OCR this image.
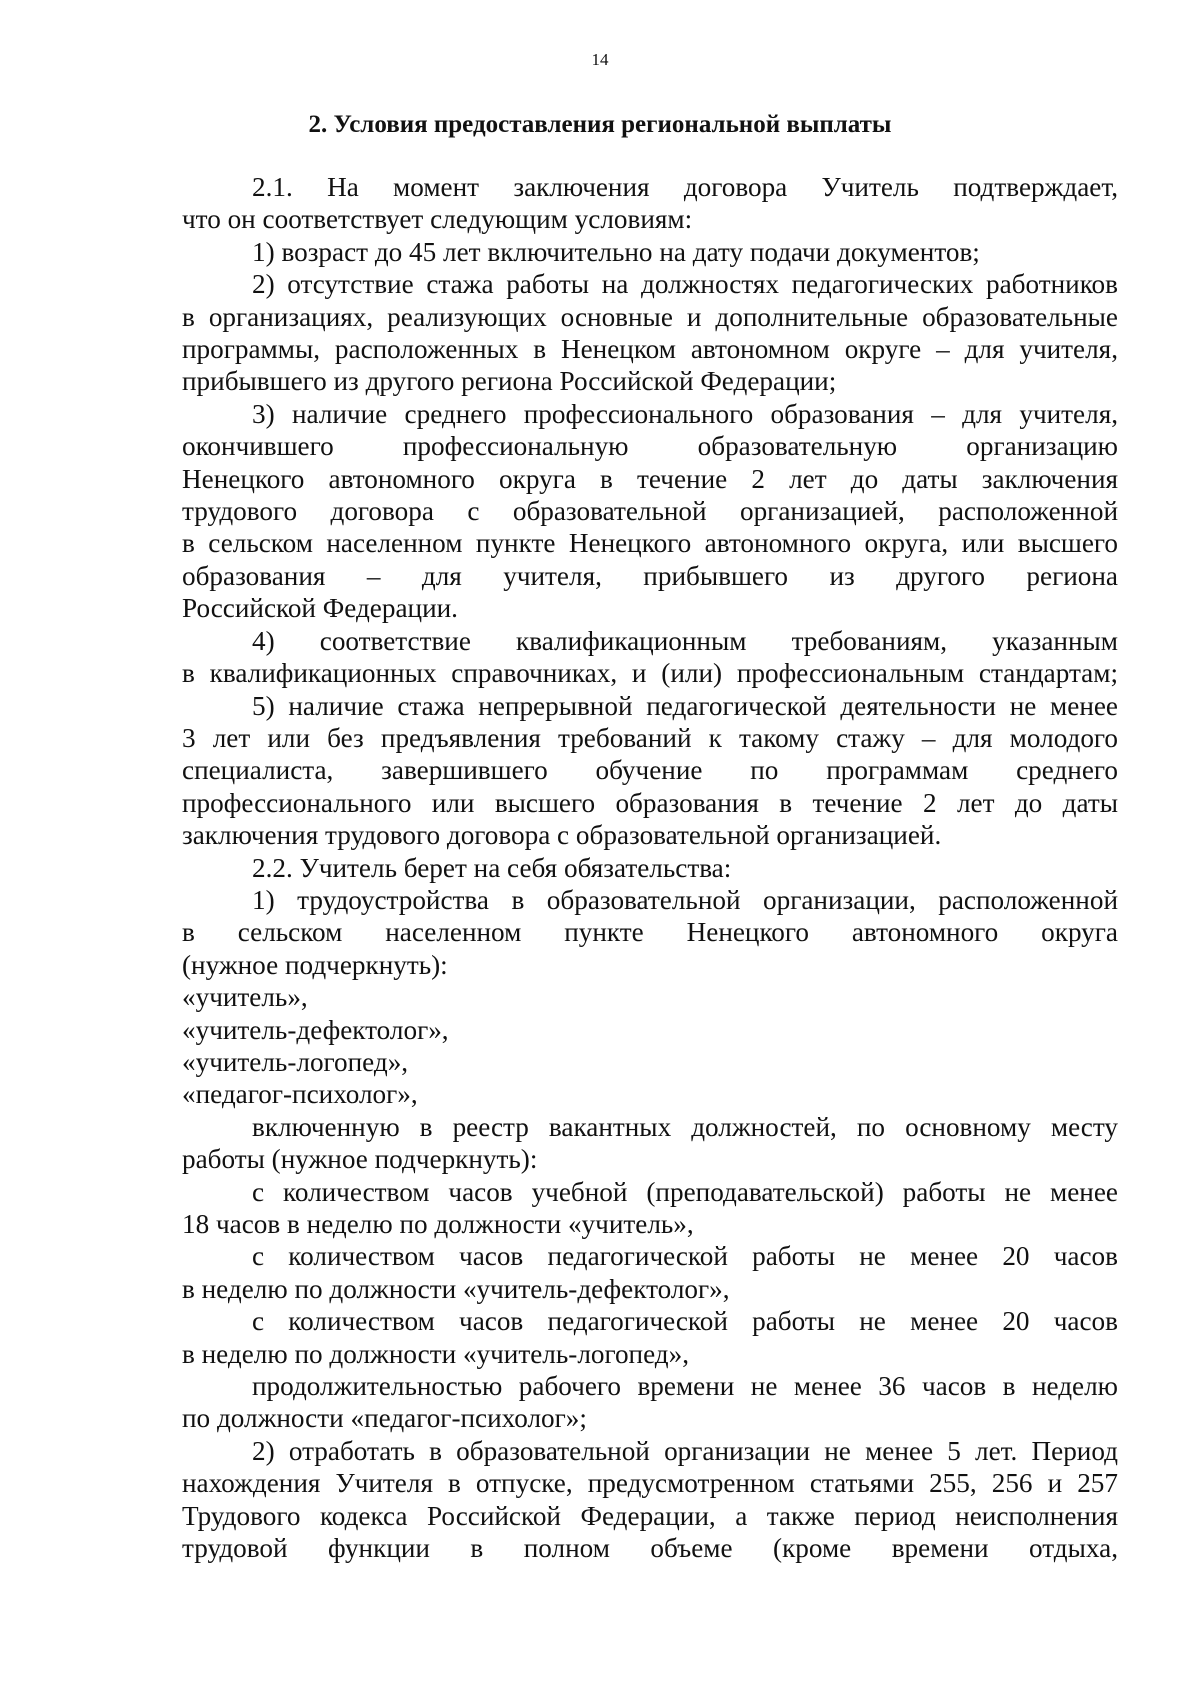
14
2. Условия предоставления региональной выплаты

2.1. На момент заключения договора Учитель подтверждает,

что он соответствует следующим условиям:

1) возраст до 45 лет включительно на дату подачи документов;

2) отсутствие стажа работы на должностях педагогических работников

в организациях, реализующих основные и дополнительные образовательные

программы, расположенных в Ненецком автономном округе – для учителя,

прибывшего из другого региона Российской Федерации;

3) наличие среднего профессионального образования – для учителя,

окончившего профессиональную образовательную организацию

Ненецкого автономного округа в течение 2 лет до даты заключения

трудового договора с образовательной организацией, расположенной

в сельском населенном пункте Ненецкого автономного округа, или высшего

образования – для учителя, прибывшего из другого региона

Российской Федерации.

4) соответствие квалификационным требованиям, указанным

в квалификационных справочниках, и (или) профессиональным стандартам;

5) наличие стажа непрерывной педагогической деятельности не менее

3 лет или без предъявления требований к такому стажу – для молодого

специалиста, завершившего обучение по программам среднего

профессионального или высшего образования в течение 2 лет до даты

заключения трудового договора с образовательной организацией.

2.2. Учитель берет на себя обязательства:

1) трудоустройства в образовательной организации, расположенной

в сельском населенном пункте Ненецкого автономного округа

(нужное подчеркнуть):

«учитель»,

«учитель-дефектолог»,

«учитель-логопед»,

«педагог-психолог»,

включенную в реестр вакантных должностей, по основному месту

работы (нужное подчеркнуть):

с количеством часов учебной (преподавательской) работы не менее

18 часов в неделю по должности «учитель»,

с количеством часов педагогической работы не менее 20 часов

в неделю по должности «учитель-дефектолог»,

с количеством часов педагогической работы не менее 20 часов

в неделю по должности «учитель-логопед»,

продолжительностью рабочего времени не менее 36 часов в неделю

по должности «педагог-психолог»;

2) отработать в образовательной организации не менее 5 лет. Период

нахождения Учителя в отпуске, предусмотренном статьями 255, 256 и 257

Трудового кодекса Российской Федерации, а также период неисполнения

трудовой функции в полном объеме (кроме времени отдыха,
